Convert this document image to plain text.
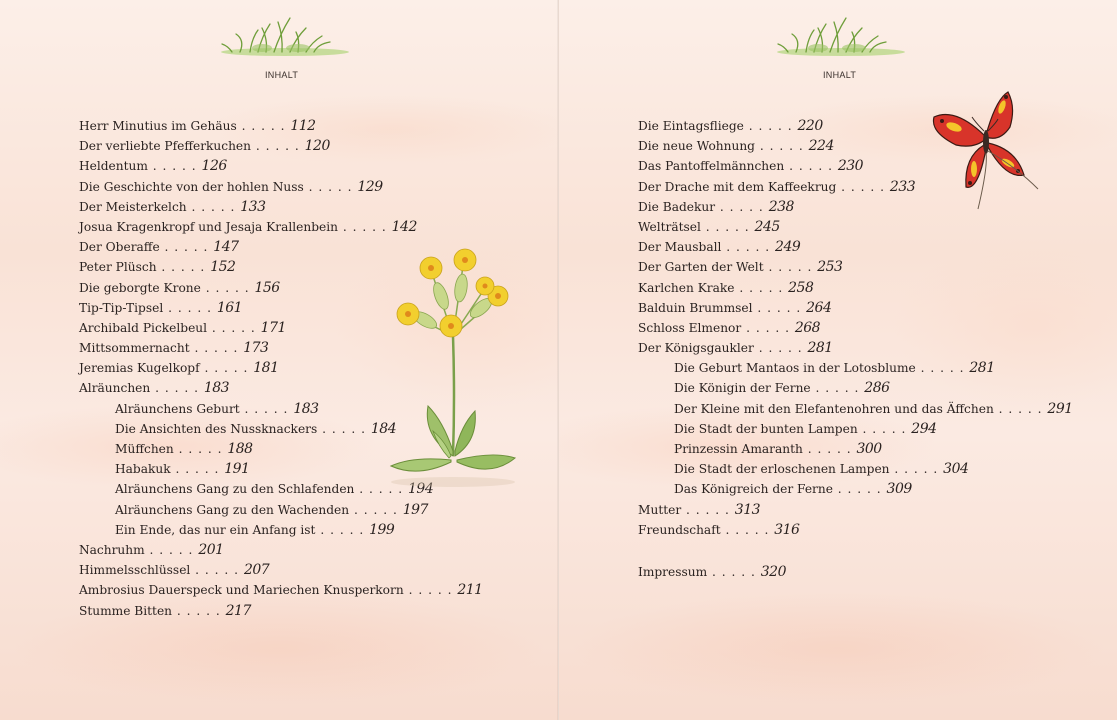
INHALT
Herr Minutius im Gehäus . . . . . 112
Der verliebte Pfefferkuchen . . . . . 120
Heldentum . . . . . 126
Die Geschichte von der hohlen Nuss . . . . . 129
Der Meisterkelch . . . . . 133
Josua Kragenkropf und Jesaja Krallenbein . . . . . 142
Der Oberaffe . . . . . 147
Peter Plüsch . . . . . 152
Die geborgte Krone . . . . . 156
Tip-Tip-Tipsel . . . . . 161
Archibald Pickelbeul . . . . . 171
Mittsommernacht . . . . . 173
Jeremias Kugelkopf . . . . . 181
Alräunchen . . . . . 183
Alräunchens Geburt . . . . . 183
Die Ansichten des Nussknackers . . . . . 184
Müffchen . . . . . 188
Habakuk . . . . . 191
Alräunchens Gang zu den Schlafenden . . . . . 194
Alräunchens Gang zu den Wachenden . . . . . 197
Ein Ende, das nur ein Anfang ist . . . . . 199
Nachruhm . . . . . 201
Himmelsschlüssel . . . . . 207
Ambrosius Dauerspeck und Mariechen Knusperkorn . . . . . 211
Stumme Bitten . . . . . 217
INHALT
Die Eintagsfliege . . . . . 220
Die neue Wohnung . . . . . 224
Das Pantoffelmännchen . . . . . 230
Der Drache mit dem Kaffeekrug . . . . . 233
Die Badekur . . . . . 238
Welträtsel . . . . . 245
Der Mausball . . . . . 249
Der Garten der Welt . . . . . 253
Karlchen Krake . . . . . 258
Balduin Brummsel . . . . . 264
Schloss Elmenor . . . . . 268
Der Königsgaukler . . . . . 281
Die Geburt Mantaos in der Lotosblume . . . . . 281
Die Königin der Ferne . . . . . 286
Der Kleine mit den Elefantenohren und das Äffchen . . . . . 291
Die Stadt der bunten Lampen . . . . . 294
Prinzessin Amaranth . . . . . 300
Die Stadt der erloschenen Lampen . . . . . 304
Das Königreich der Ferne . . . . . 309
Mutter . . . . . 313
Freundschaft . . . . . 316
Impressum . . . . . 320
